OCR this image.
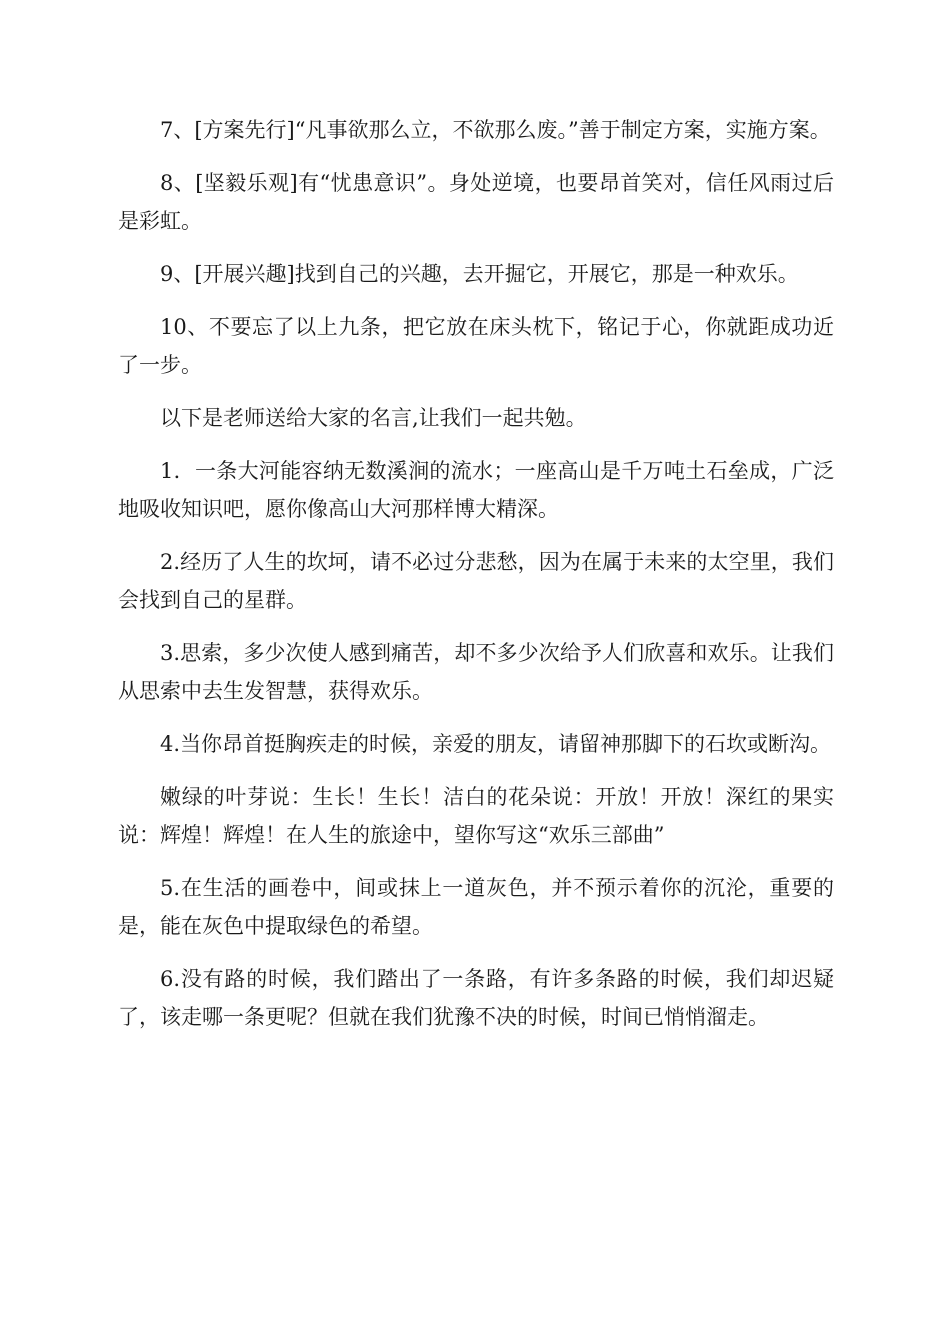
7、[方案先行]“凡事欲那么立，不欲那么废。”善于制定方案，实施方案。

8、[坚毅乐观]有“忧患意识”。身处逆境，也要昂首笑对，信任风雨过后是彩虹。

9、[开展兴趣]找到自己的兴趣，去开掘它，开展它，那是一种欢乐。

10、不要忘了以上九条，把它放在床头枕下，铭记于心，你就距成功近了一步。

以下是老师送给大家的名言,让我们一起共勉。

1．一条大河能容纳无数溪涧的流水；一座高山是千万吨土石垒成，广泛地吸收知识吧，愿你像高山大河那样博大精深。

2.经历了人生的坎坷，请不必过分悲愁，因为在属于未来的太空里，我们会找到自己的星群。

3.思索，多少次使人感到痛苦，却不多少次给予人们欣喜和欢乐。让我们从思索中去生发智慧，获得欢乐。

4.当你昂首挺胸疾走的时候，亲爱的朋友，请留神那脚下的石坎或断沟。

嫩绿的叶芽说：生长！生长！洁白的花朵说：开放！开放！深红的果实说：辉煌！辉煌！在人生的旅途中，望你写这“欢乐三部曲”

5.在生活的画卷中，间或抹上一道灰色，并不预示着你的沉沦，重要的是，能在灰色中提取绿色的希望。

6.没有路的时候，我们踏出了一条路，有许多条路的时候，我们却迟疑了，该走哪一条更呢？但就在我们犹豫不决的时候，时间已悄悄溜走。
